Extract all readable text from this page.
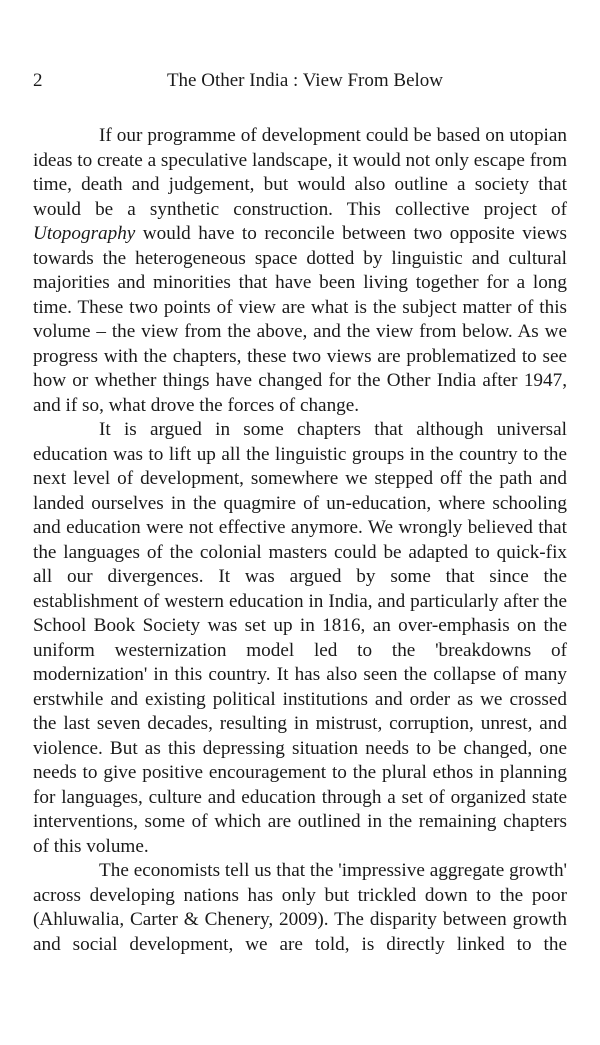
2	The Other India : View From Below

If our programme of development could be based on utopian ideas to create a speculative landscape, it would not only escape from time, death and judgement, but would also outline a society that would be a synthetic construction. This collective project of Utopography would have to reconcile between two opposite views towards the heterogeneous space dotted by linguistic and cultural majorities and minorities that have been living together for a long time. These two points of view are what is the subject matter of this volume – the view from the above, and the view from below. As we progress with the chapters, these two views are problematized to see how or whether things have changed for the Other India after 1947, and if so, what drove the forces of change.

It is argued in some chapters that although universal education was to lift up all the linguistic groups in the country to the next level of development, somewhere we stepped off the path and landed ourselves in the quagmire of un-education, where schooling and education were not effective anymore. We wrongly believed that the languages of the colonial masters could be adapted to quick-fix all our divergences. It was argued by some that since the establishment of western education in India, and particularly after the School Book Society was set up in 1816, an over-emphasis on the uniform westernization model led to the 'breakdowns of modernization' in this country. It has also seen the collapse of many erstwhile and existing political institutions and order as we crossed the last seven decades, resulting in mistrust, corruption, unrest, and violence. But as this depressing situation needs to be changed, one needs to give positive encouragement to the plural ethos in planning for languages, culture and education through a set of organized state interventions, some of which are outlined in the remaining chapters of this volume.

The economists tell us that the 'impressive aggregate growth' across developing nations has only but trickled down to the poor (Ahluwalia, Carter & Chenery, 2009). The disparity between growth and social development, we are told, is directly linked to the
